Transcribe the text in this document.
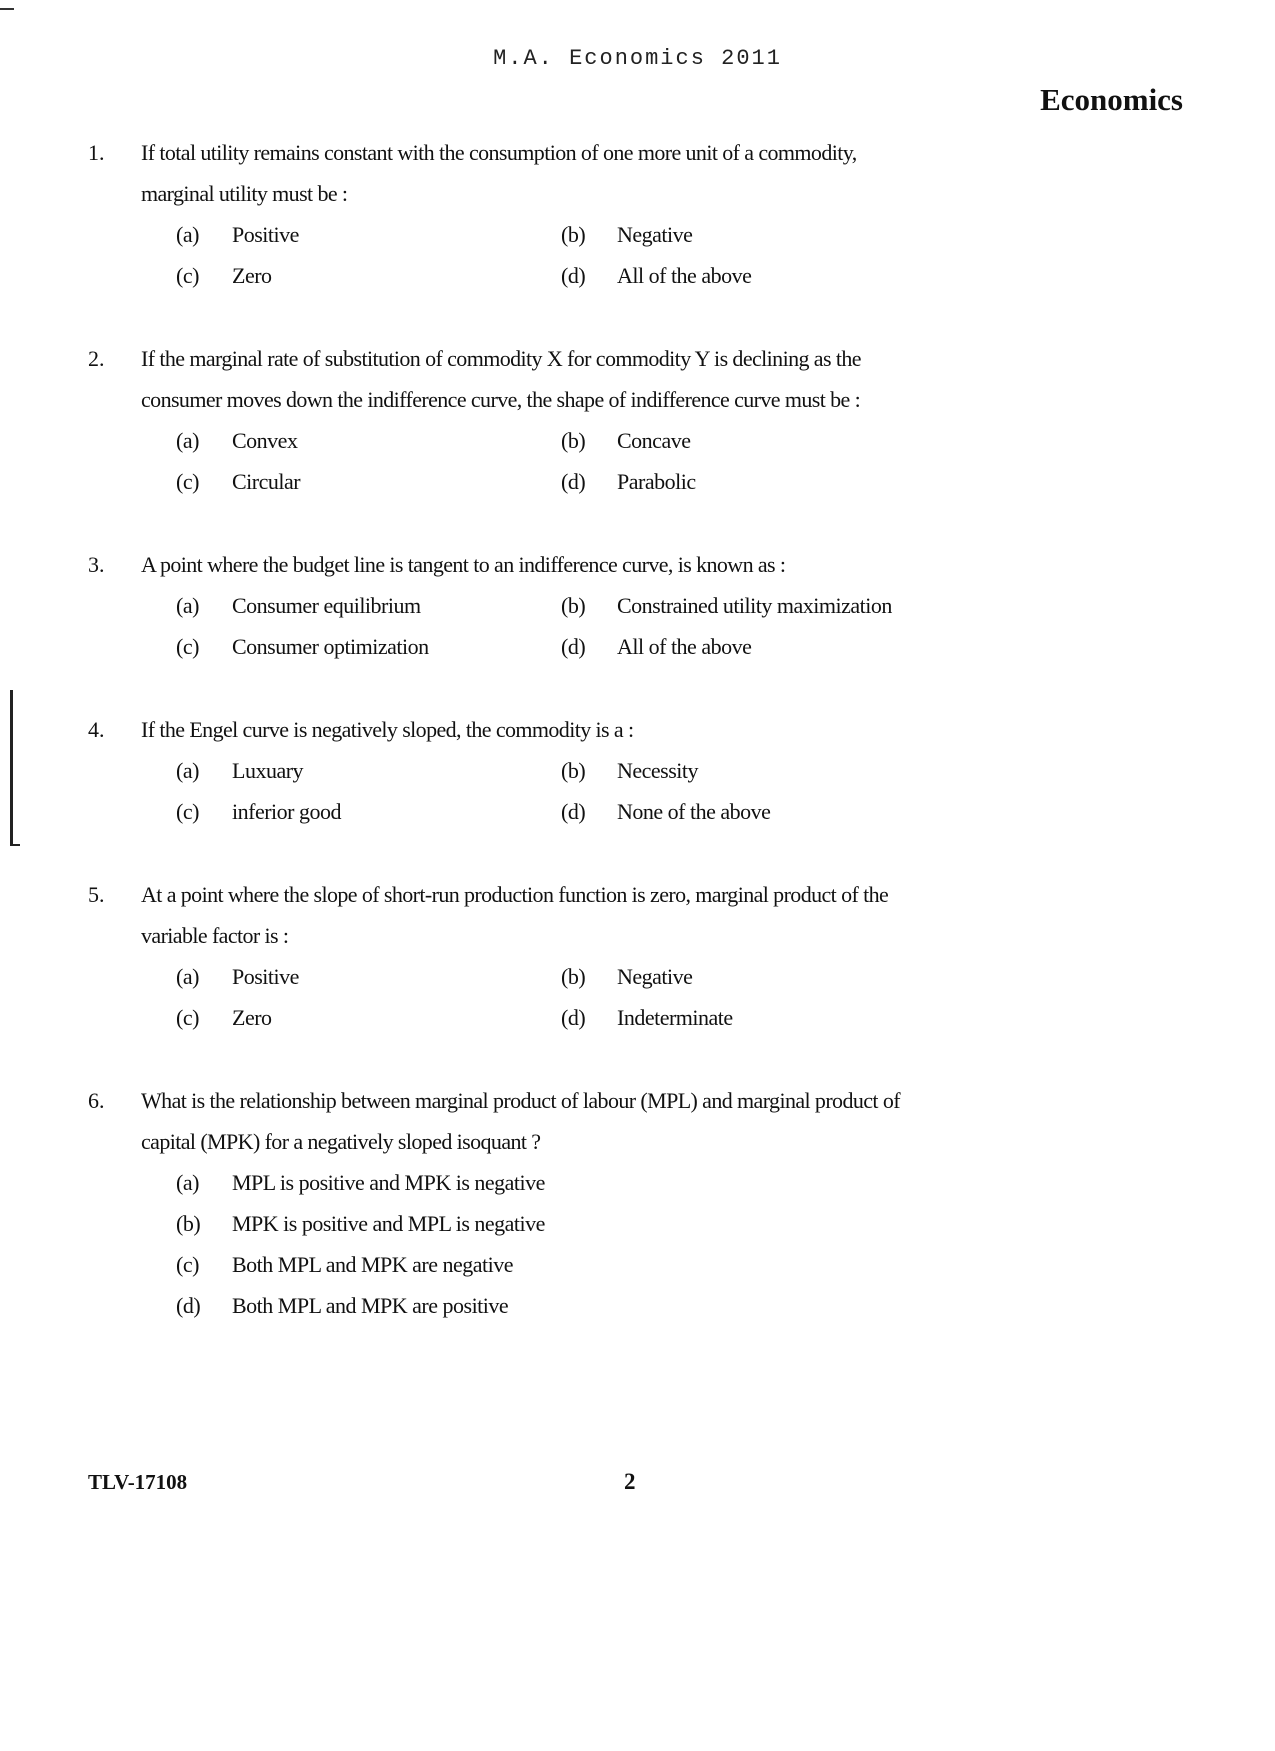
M.A. Economics 2011
Economics
1.	If total utility remains constant with the consumption of one more unit of a commodity, marginal utility must be :
(a)	Positive	(b)	Negative
(c)	Zero	(d)	All of the above
2.	If the marginal rate of substitution of commodity X for commodity Y is declining as the consumer moves down the indifference curve, the shape of indifference curve must be :
(a)	Convex	(b)	Concave
(c)	Circular	(d)	Parabolic
3.	A point where the budget line is tangent to an indifference curve, is known as :
(a)	Consumer equilibrium	(b)	Constrained utility maximization
(c)	Consumer optimization	(d)	All of the above
4.	If the Engel curve is negatively sloped, the commodity is a :
(a)	Luxuary	(b)	Necessity
(c)	inferior good	(d)	None of the above
5.	At a point where the slope of short-run production function is zero, marginal product of the variable factor is :
(a)	Positive	(b)	Negative
(c)	Zero	(d)	Indeterminate
6.	What is the relationship between marginal product of labour (MPL) and marginal product of capital (MPK) for a negatively sloped isoquant ?
(a)	MPL is positive and MPK is negative
(b)	MPK is positive and MPL is negative
(c)	Both MPL and MPK are negative
(d)	Both MPL and MPK are positive
TLV-17108	2
